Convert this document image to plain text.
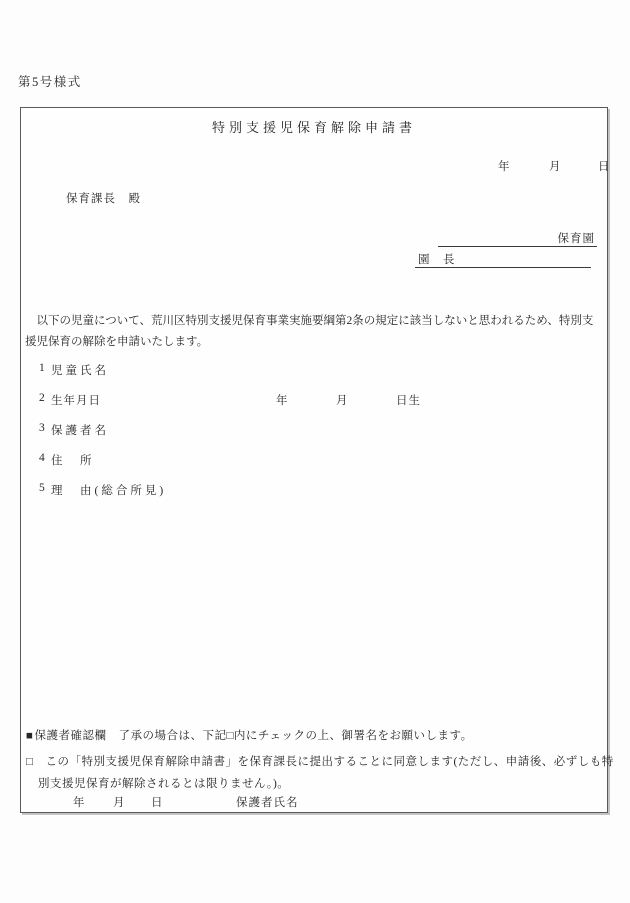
第5号様式
特別支援児保育解除申請書
年	月	日
保育課長　殿
保育園
園　長

　以下の児童について、荒川区特別支援児保育事業実施要綱第2条の規定に該当しないと思われるため、特別支
援児保育の解除を申請いたします。

1 児童氏名
2 生年月日	年	月	日生
3 保護者名
4 住　所
5 理　由(総合所見)
■保護者確認欄　了承の場合は、下記□内にチェックの上、御署名をお願いします。

□　この「特別支援児保育解除申請書」を保育課長に提出することに同意します(ただし、申請後、必ずしも特
別支援児保育が解除されるとは限りません。)。

年 月 日	保護者氏名
